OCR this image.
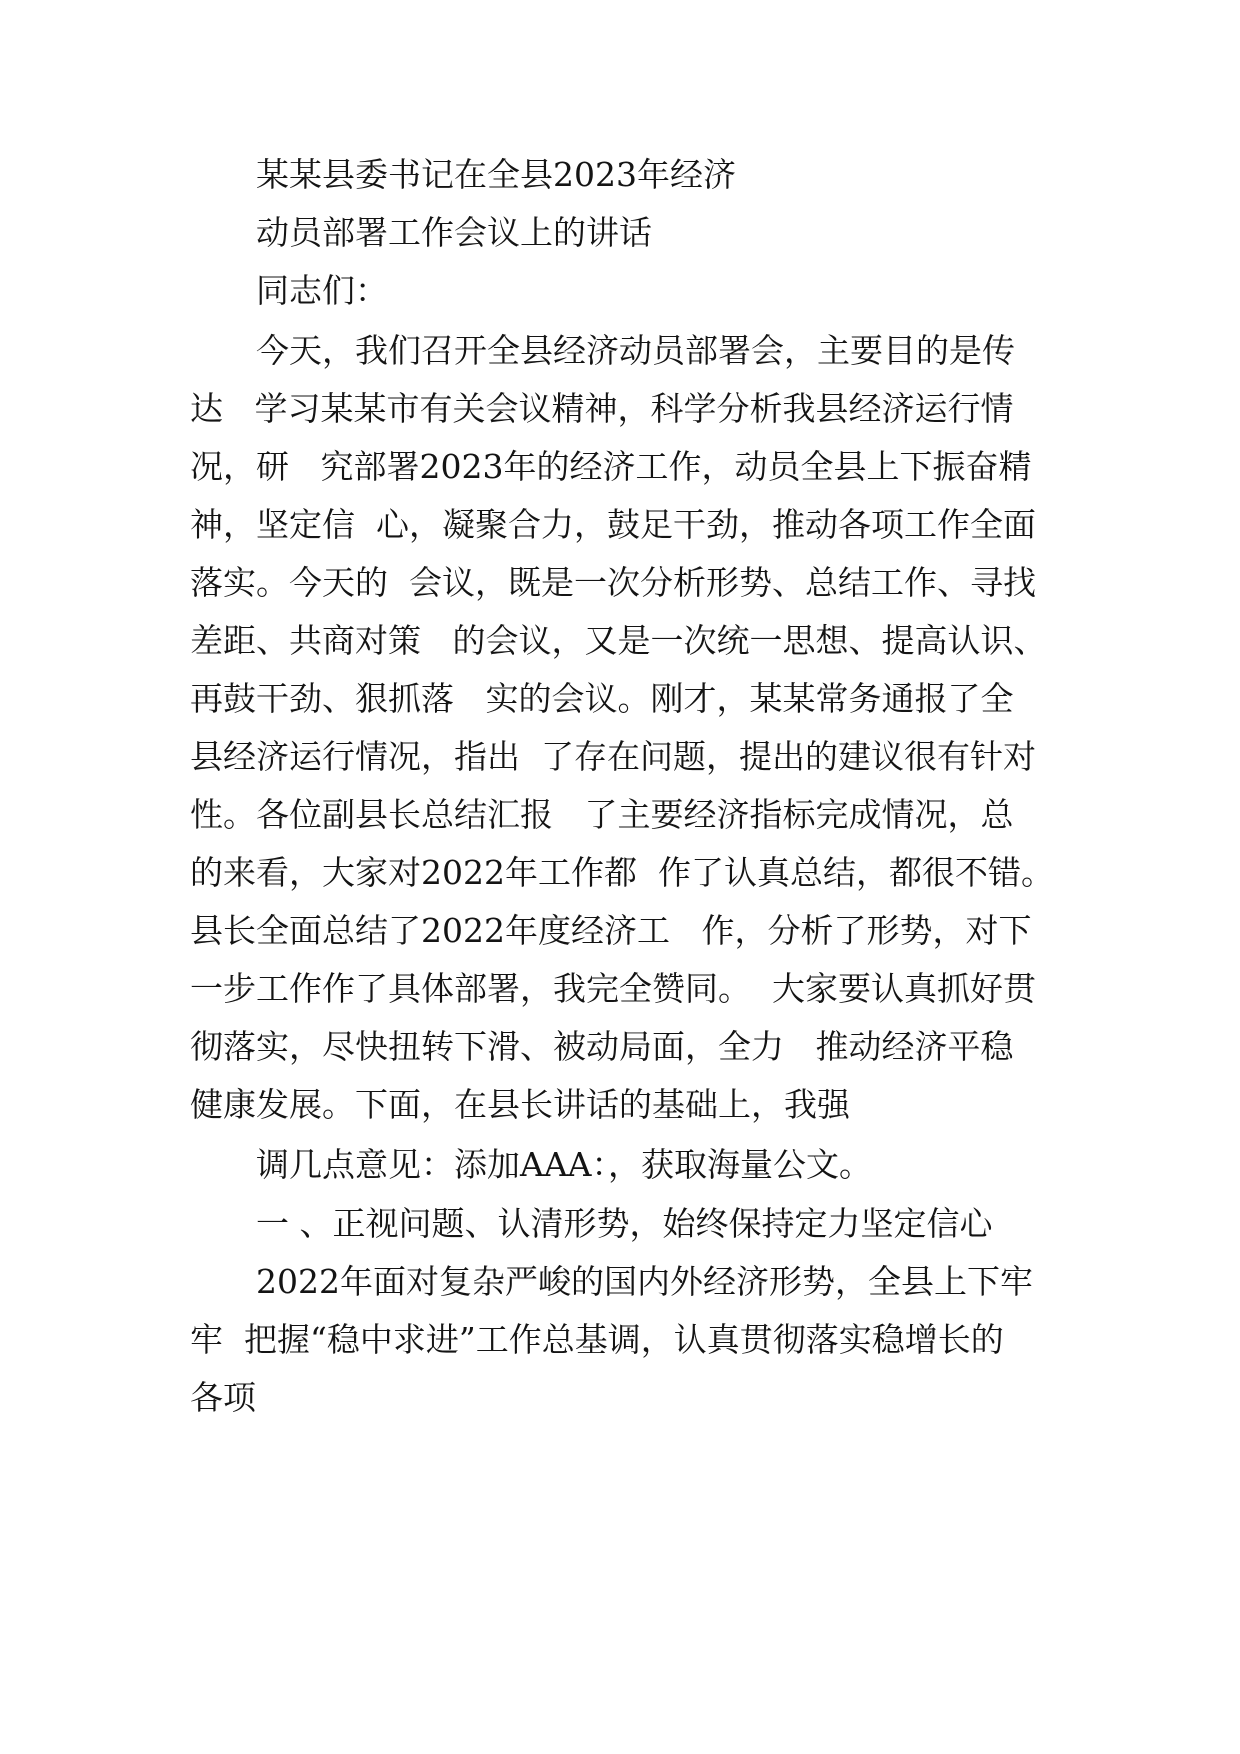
某某县委书记在全县2023年经济
动员部署工作会议上的讲话
同志们：
今天，我们召开全县经济动员部署会，主要目的是传
达   学习某某市有关会议精神，科学分析我县经济运行情
况，研   究部署2023年的经济工作，动员全县上下振奋精
神，坚定信  心，凝聚合力，鼓足干劲，推动各项工作全面
落实。今天的  会议，既是一次分析形势、总结工作、寻找
差距、共商对策   的会议，又是一次统一思想、提高认识、
再鼓干劲、狠抓落   实的会议。刚才，某某常务通报了全
县经济运行情况，指出  了存在问题，提出的建议很有针对
性。各位副县长总结汇报   了主要经济指标完成情况，总
的来看，大家对2022年工作都  作了认真总结，都很不错。
县长全面总结了2022年度经济工   作，分析了形势，对下
一步工作作了具体部署，我完全赞同。  大家要认真抓好贯
彻落实，尽快扭转下滑、被动局面，全力   推动经济平稳
健康发展。下面，在县长讲话的基础上，我强
调几点意见：添加AAA：，获取海量公文。
一 、正视问题、认清形势，始终保持定力坚定信心
2022年面对复杂严峻的国内外经济形势，全县上下牢
牢  把握“稳中求进”工作总基调，认真贯彻落实稳增长的
各项
